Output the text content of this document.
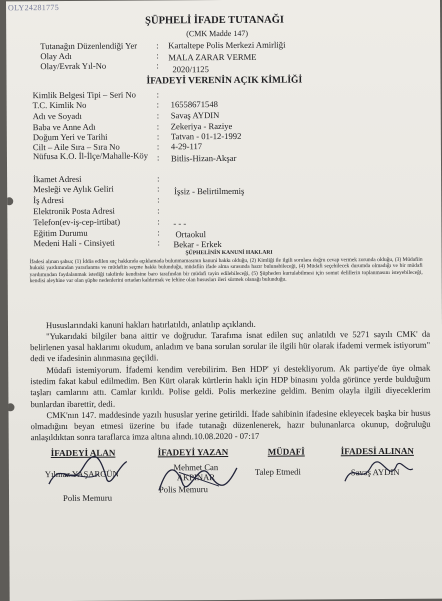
OLY24281775
ŞÜPHELİ İFADE TUTANAĞI
(CMK Madde 147)
Tutanağın Düzenlendiği Yer : Kartaltepe Polis Merkezi Amirliği
Olay Adı	: MALA ZARAR VERME
Olay/Evrak Yıl-No	: 2020/1125
İFADEYİ VERENİN AÇIK KİMLİĞİ
Kimlik Belgesi Tipi – Seri No :
T.C. Kimlik No	: 16558671548
Adı ve Soyadı	: Savaş AYDIN
Baba ve Anne Adı	: Zekeriya - Raziye
Doğum Yeri ve Tarihi	: Tatvan - 01-12-1992
Cilt – Aile Sıra – Sıra No	: 4-29-117
Nüfusa K.O. İl-İlçe/Mahalle-Köy	: Bitlis-Hizan-Akşar
İkamet Adresi	:
Mesleği ve Aylık Geliri	: İşsiz - Belirtilmemiş
İş Adresi	:
Elektronik Posta Adresi	:
Telefon(ev-iş-cep-irtibat)	: - - -
Eğitim Durumu	: Ortaokul
Medeni Hali - Cinsiyeti	: Bekar - Erkek
ŞÜPHELİNİN KANUNİ HAKLARI
İfadesi alınan şahsa; (1) İddia edilen suç hakkında açıklamada bulunmamasının kanuni hakkı olduğu, (2) Kimliği ile ilgili sorulara doğru cevap vermek zorunda olduğu, (3) Müdafiin hukuki yardımından yararlanma ve müdafiin seçme hakkı bulunduğu, müdafiin ifade alma sırasında hazır bulunabileceği, (4) Müdafi seçebilecek durumda olmadığı ve bir müdafi yardımından faydalanmak istediği takdirde kendisine baro tarafından bir müdafi tayin edilebileceği, (5) Şüpheden kurtulabilmesi için somut delillerin toplanmasını isteyebileceği, kendisi aleyhine var olan şüphe nedenlerini ortadan kaldırmak ve lehine olan hususları ileri sürmek olanağı bulunduğu.
Hususlarındaki kanuni hakları hatırlatıldı, anlatılıp açıklandı.
"Yukarıdaki bilgiler bana aittir ve doğrudur. Tarafıma isnat edilen suç anlatıldı ve 5271 sayılı CMK' da belirlenen yasal haklarımı okudum, anladım ve bana sorulan sorular ile ilgili hür olarak ifademi vermek istiyorum" dedi ve ifadesinin alınmasına geçildi.
Müdafi istemiyorum. İfademi kendim verebilirim. Ben HDP' yi destekliyorum. Ak partiye'de üye olmak istedim fakat kabul edilmedim. Ben Kürt olarak kürtlerin haklı için HDP binasını yolda görünce yerde bulduğum taşları camlarını attı. Camlar kırıldı. Polise geldi. Polis merkezine geldim. Benim olayla ilgili diyeceklerim bunlardan ibarettir, dedi.
CMK'nın 147. maddesinde yazılı hususlar yerine getirildi. İfade sahibinin ifadesine ekleyecek başka bir husus olmadığını beyan etmesi üzerine bu ifade tutanağı düzenlenerek, hazır bulunanlarca okunup, doğruluğu anlaşıldıktan sonra taraflarca imza altına alındı.10.08.2020 - 07:17
İFADEYİ ALAN
Yılmaz YAŞARGÜN
Polis Memuru
İFADEYİ YAZAN
Mehmet Can AKPINAR
Polis Memuru
MÜDAFİ
Talep Etmedi
İFADESİ ALINAN
Savaş AYDIN
